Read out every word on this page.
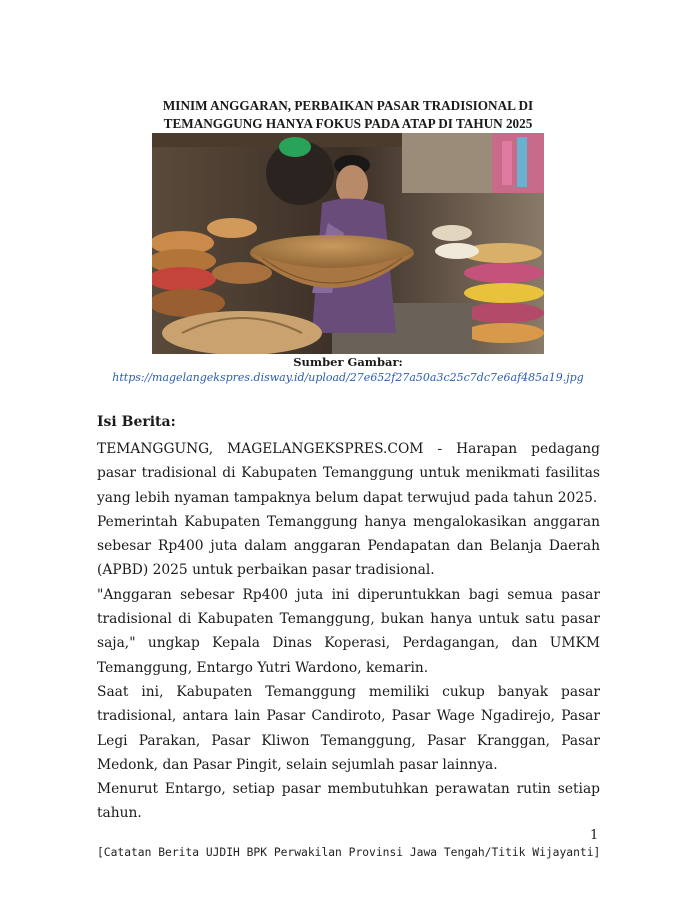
MINIM ANGGARAN, PERBAIKAN PASAR TRADISIONAL DI
TEMANGGUNG HANYA FOKUS PADA ATAP DI TAHUN 2025
Sumber Gambar:
https://magelangekspres.disway.id/upload/27e652f27a50a3c25c7dc7e6af485a19.jpg
Isi Berita:

TEMANGGUNG, MAGELANGEKSPRES.COM - Harapan pedagang pasar tradisional di Kabupaten Temanggung untuk menikmati fasilitas yang lebih nyaman tampaknya belum dapat terwujud pada tahun 2025.

Pemerintah Kabupaten Temanggung hanya mengalokasikan anggaran sebesar Rp400 juta dalam anggaran Pendapatan dan Belanja Daerah (APBD) 2025 untuk perbaikan pasar tradisional.

"Anggaran sebesar Rp400 juta ini diperuntukkan bagi semua pasar tradisional di Kabupaten Temanggung, bukan hanya untuk satu pasar saja," ungkap Kepala Dinas Koperasi, Perdagangan, dan UMKM Temanggung, Entargo Yutri Wardono, kemarin.

Saat ini, Kabupaten Temanggung memiliki cukup banyak pasar tradisional, antara lain Pasar Candiroto, Pasar Wage Ngadirejo, Pasar Legi Parakan, Pasar Kliwon Temanggung, Pasar Kranggan, Pasar Medonk, dan Pasar Pingit, selain sejumlah pasar lainnya.

Menurut Entargo, setiap pasar membutuhkan perawatan rutin setiap tahun.

1
[Catatan Berita UJDIH BPK Perwakilan Provinsi Jawa Tengah/Titik Wijayanti]
